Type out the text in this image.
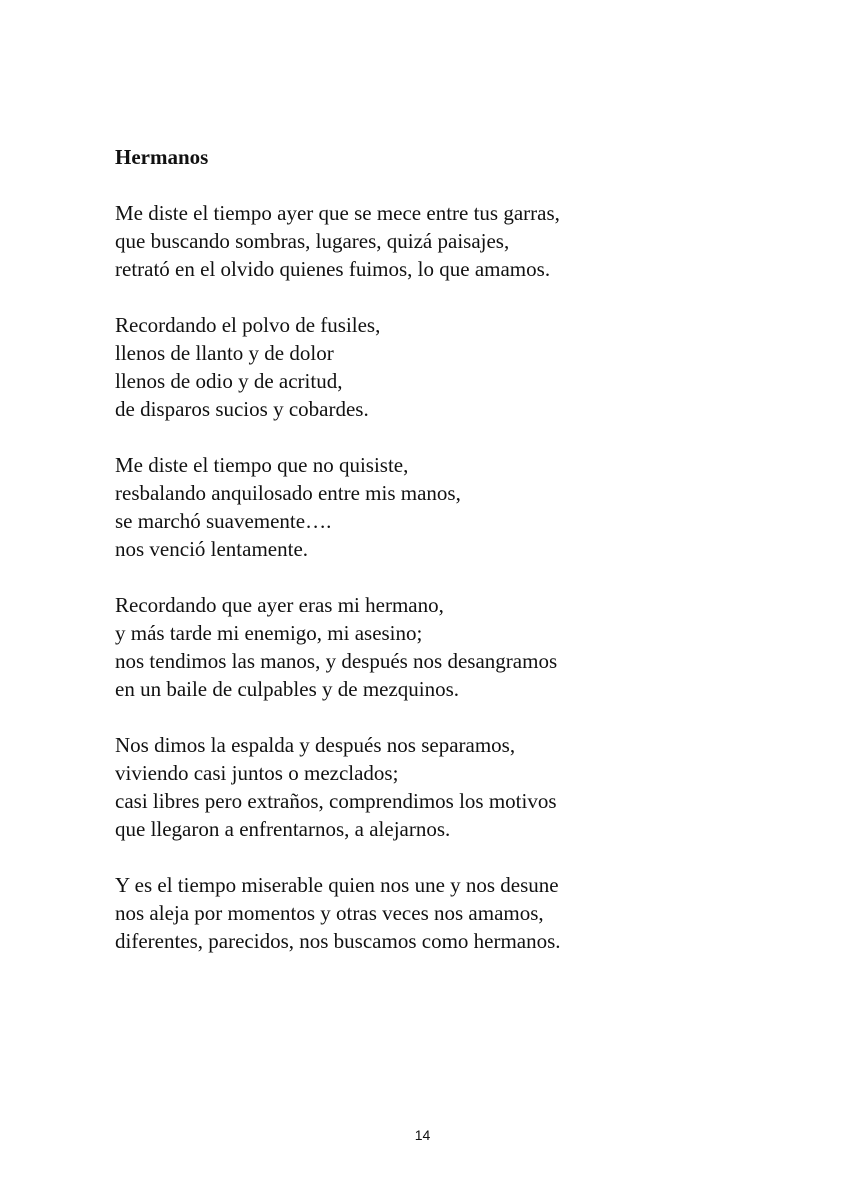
Hermanos
Me diste el tiempo ayer que se mece entre tus garras,
que buscando sombras, lugares, quizá paisajes,
retrató en el olvido quienes fuimos, lo que amamos.
Recordando el polvo de fusiles,
llenos de llanto y de dolor
llenos de odio y de acritud,
de disparos sucios y cobardes.
Me diste el tiempo que no quisiste,
resbalando anquilosado entre mis manos,
se marchó suavemente….
nos venció lentamente.
Recordando que ayer eras mi hermano,
y más tarde mi enemigo, mi asesino;
nos tendimos las manos, y después nos desangramos
en un baile de culpables y de mezquinos.
Nos dimos la espalda y después nos separamos,
viviendo casi juntos o mezclados;
casi libres pero extraños, comprendimos los motivos
que llegaron a enfrentarnos, a alejarnos.
Y es el tiempo miserable quien nos une y nos desune
nos aleja por momentos y otras veces nos amamos,
diferentes, parecidos, nos buscamos como hermanos.
14
